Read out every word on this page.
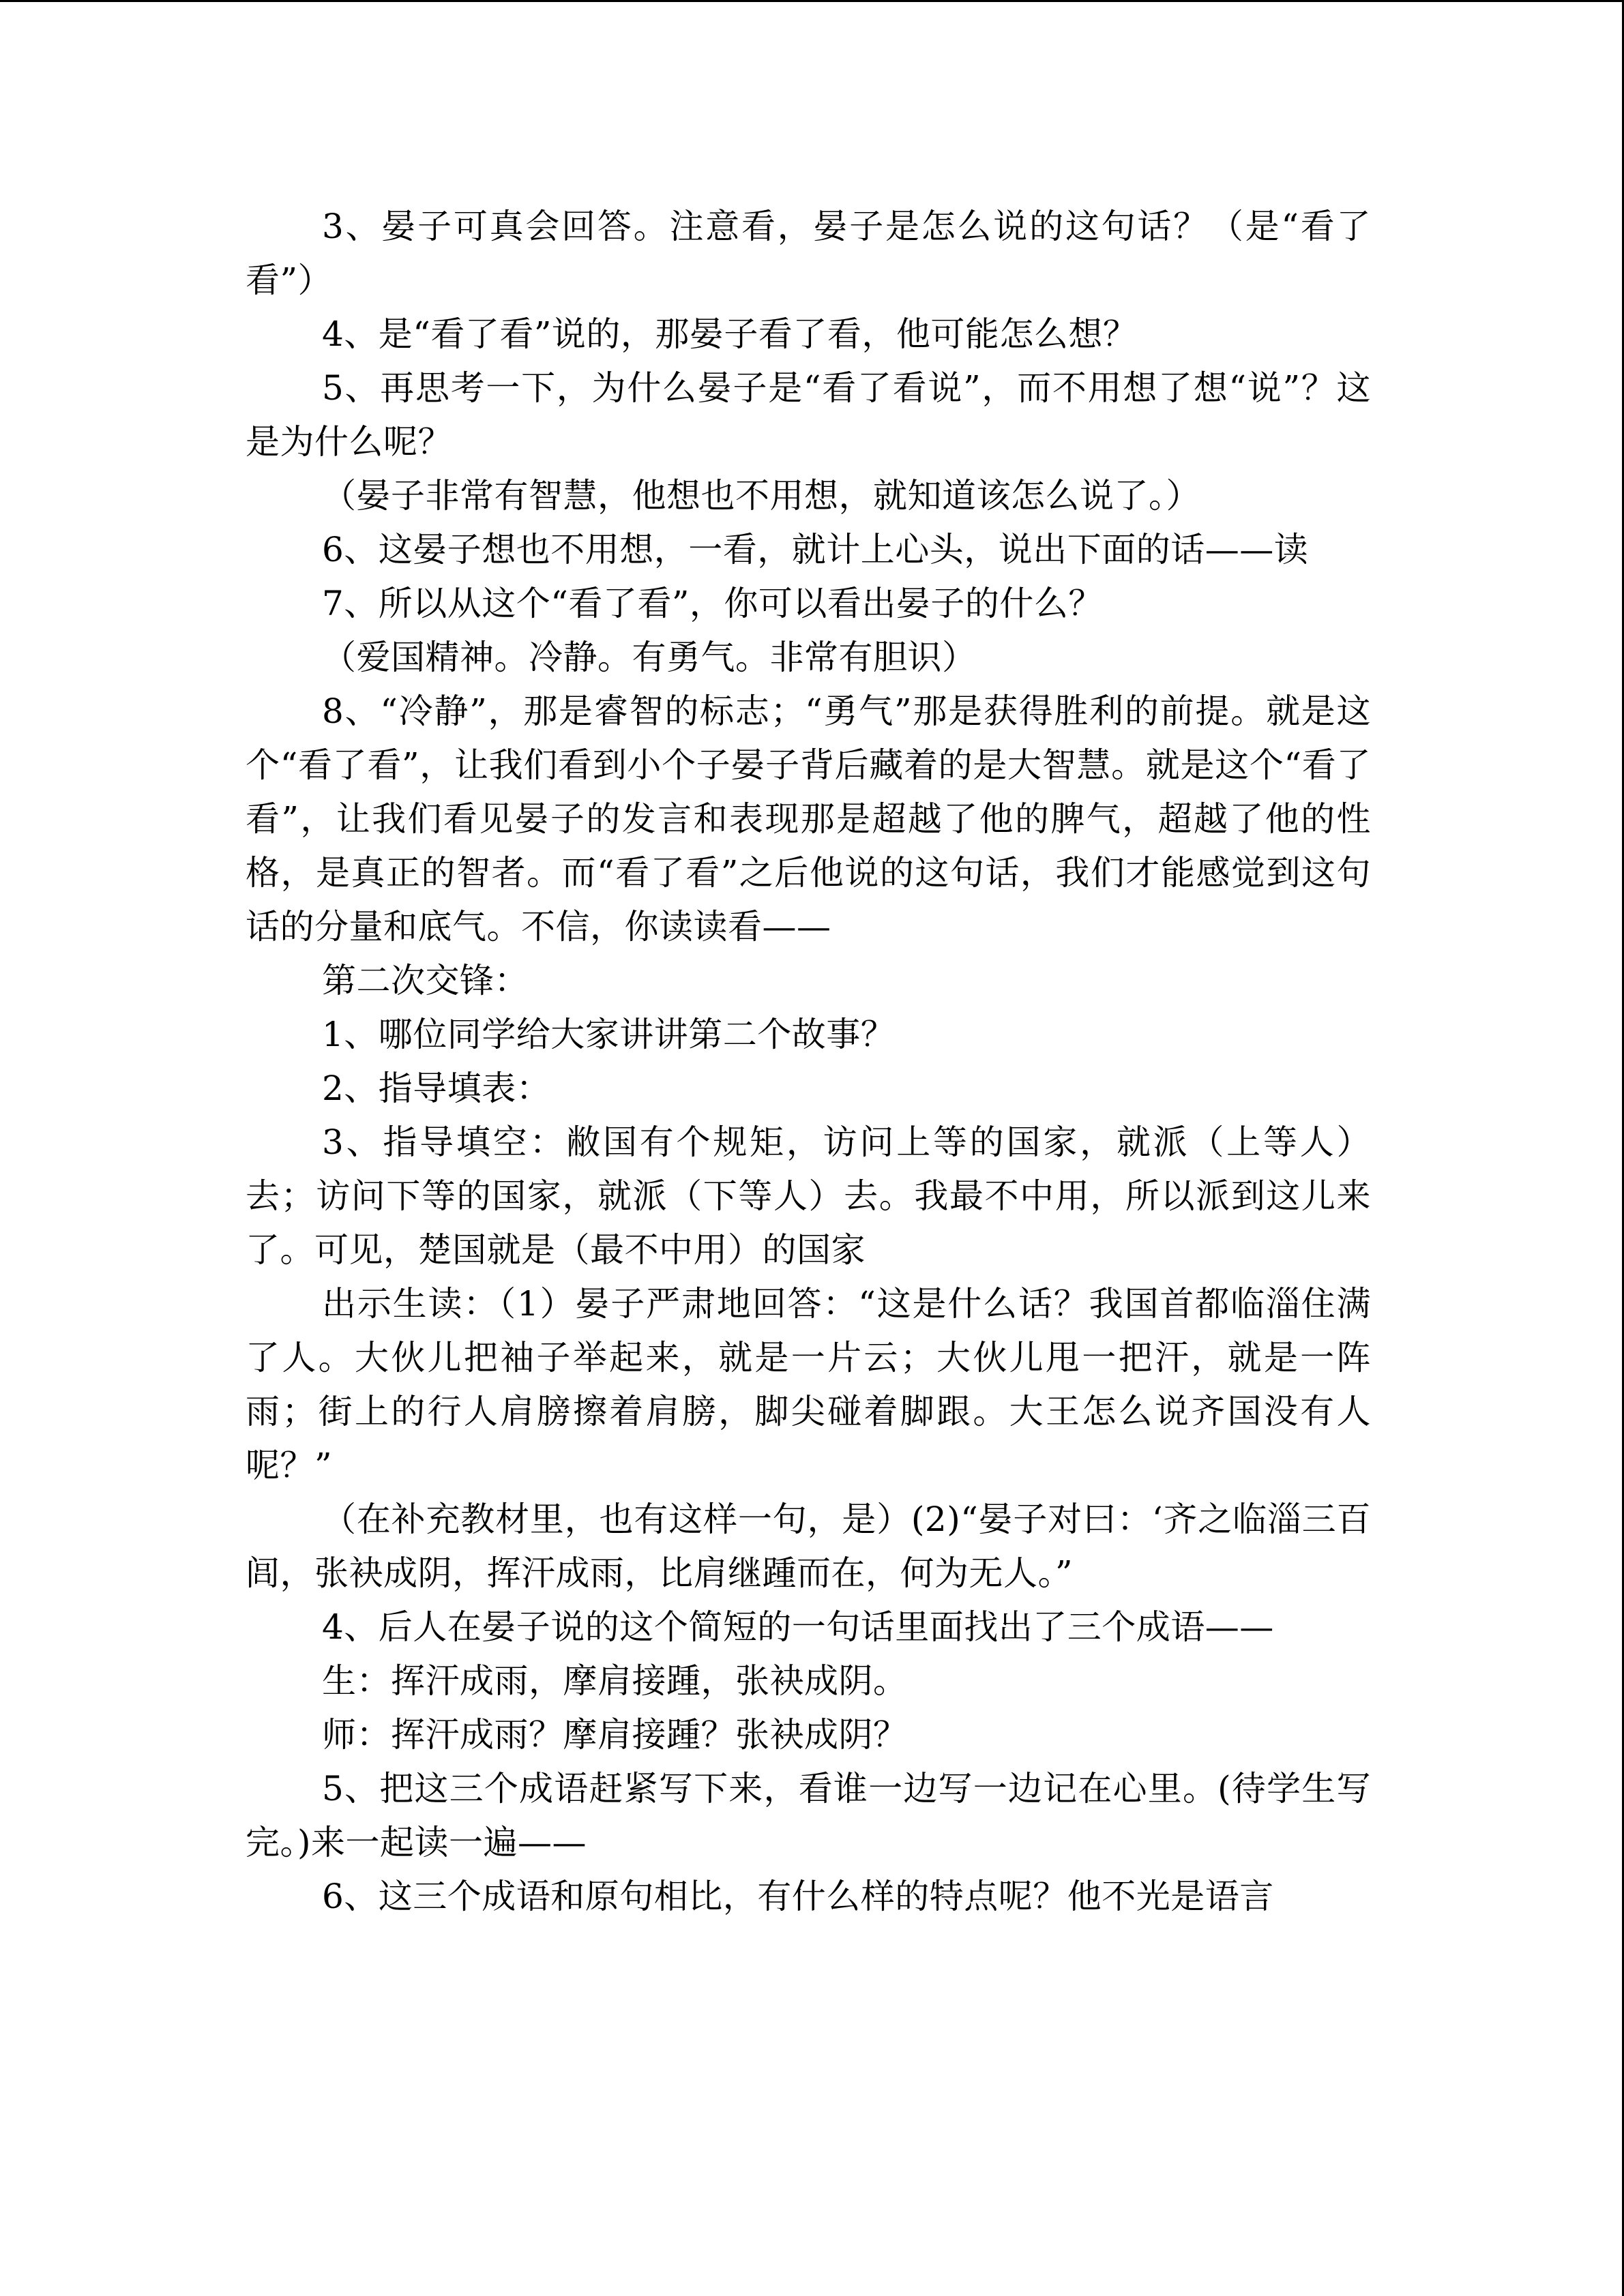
3、晏子可真会回答。注意看，晏子是怎么说的这句话？（是“看了看”）

4、是“看了看”说的，那晏子看了看，他可能怎么想？

5、再思考一下，为什么晏子是“看了看说”，而不用想了想“说”？这是为什么呢？

（晏子非常有智慧，他想也不用想，就知道该怎么说了。）

6、这晏子想也不用想，一看，就计上心头，说出下面的话——读

7、所以从这个“看了看”，你可以看出晏子的什么？

（爱国精神。冷静。有勇气。非常有胆识）

8、“冷静”，那是睿智的标志；“勇气”那是获得胜利的前提。就是这个“看了看”，让我们看到小个子晏子背后藏着的是大智慧。就是这个“看了看”，让我们看见晏子的发言和表现那是超越了他的脾气，超越了他的性格，是真正的智者。而“看了看”之后他说的这句话，我们才能感觉到这句话的分量和底气。不信，你读读看——

第二次交锋：

1、哪位同学给大家讲讲第二个故事？

2、指导填表：

3、指导填空：敝国有个规矩，访问上等的国家，就派（上等人）去；访问下等的国家，就派（下等人）去。我最不中用，所以派到这儿来了。可见，楚国就是（最不中用）的国家

出示生读：（1）晏子严肃地回答：“这是什么话？我国首都临淄住满了人。大伙儿把袖子举起来，就是一片云；大伙儿甩一把汗，就是一阵雨；街上的行人肩膀擦着肩膀，脚尖碰着脚跟。大王怎么说齐国没有人呢？”

（在补充教材里，也有这样一句，是）(2)“晏子对曰：‘齐之临淄三百闾，张袂成阴，挥汗成雨，比肩继踵而在，何为无人。”

4、后人在晏子说的这个简短的一句话里面找出了三个成语——

生：挥汗成雨，摩肩接踵，张袂成阴。

师：挥汗成雨？摩肩接踵？张袂成阴？

5、把这三个成语赶紧写下来，看谁一边写一边记在心里。(待学生写完。)来一起读一遍——

6、这三个成语和原句相比，有什么样的特点呢？他不光是语言
